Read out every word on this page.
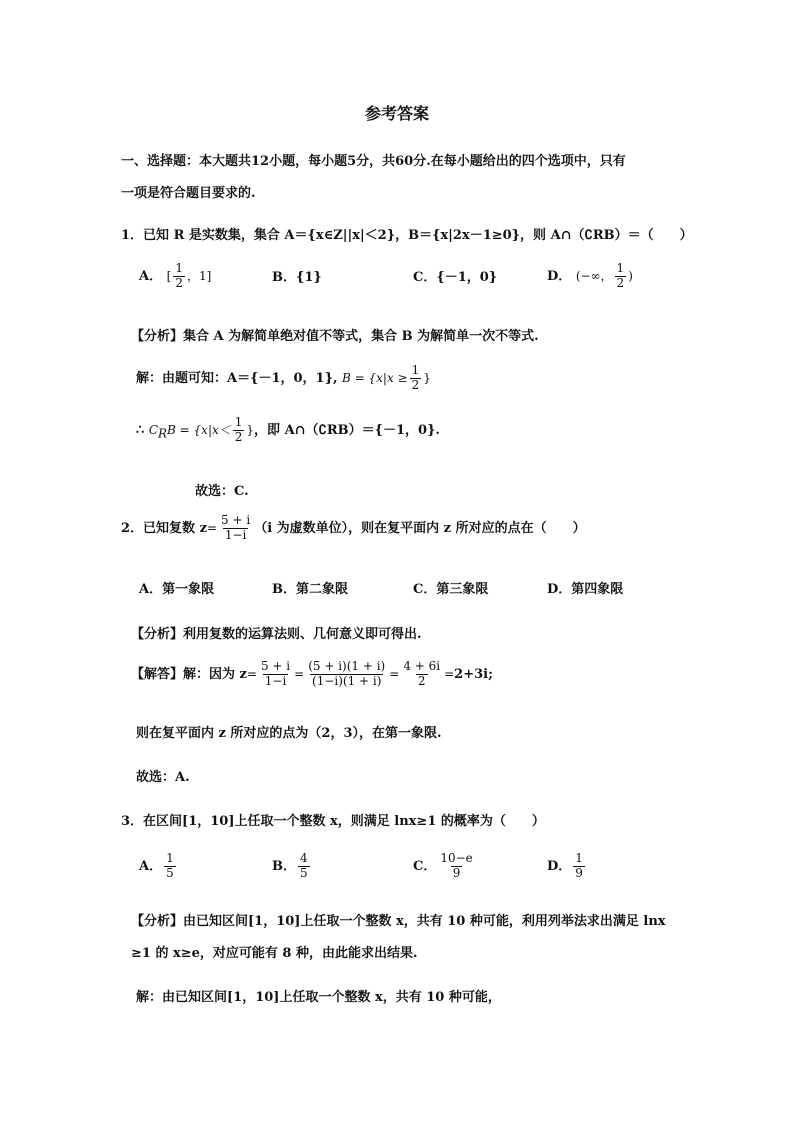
参考答案
一、选择题：本大题共12小题，每小题5分，共60分.在每小题给出的四个选项中，只有
一项是符合题目要求的.
1．已知 R 是实数集，集合 A＝{x∈Z||x|＜2}，B＝{x|2x－1≥0}，则 A∩（∁RB）＝（　　）
A． [ $\frac{1}{2}$ ，1]	B．{1}	C．{－1，0}	D． (−∞， $\frac{1}{2}$ )
【分析】集合 A 为解简单绝对值不等式，集合 B 为解简单一次不等式.
解：由题可知：A＝{－1，0，1}, $B = \{x|x \ge \frac{1}{2}$ }
∴ $C_RB = \{x|x< \frac{1}{2}$ }，即 A∩（∁RB）＝{－1，0}.
故选：C.
2．已知复数 $z= \frac{5 + i}{1-i} (i$ 为虚数单位），则在复平面内 z 所对应的点在（　　）
A．第一象限	B．第二象限	C．第三象限	D．第四象限
【分析】利用复数的运算法则、几何意义即可得出.
【解答】解：因为 $z= \frac{5 + i}{1-i} = \frac{(5 + i)(1 + i)}{(1-i)(1 + i)} = \frac{4 + 6i}{2} =2+3i$;
则在复平面内 z 所对应的点为（2，3），在第一象限.
故选：A.
3．在区间[1，10]上任取一个整数 x，则满足 lnx≥1 的概率为（　　）
A． $\frac{1}{5}$	B． $\frac{4}{5}$	C． $\frac{10-e}{9}$	D． $\frac{1}{9}$
【分析】由已知区间[1，10]上任取一个整数 x，共有 10 种可能，利用列举法求出满足 lnx
≥1 的 x≥e，对应可能有 8 种，由此能求出结果.
解：由已知区间[1，10]上任取一个整数 x，共有 10 种可能，
